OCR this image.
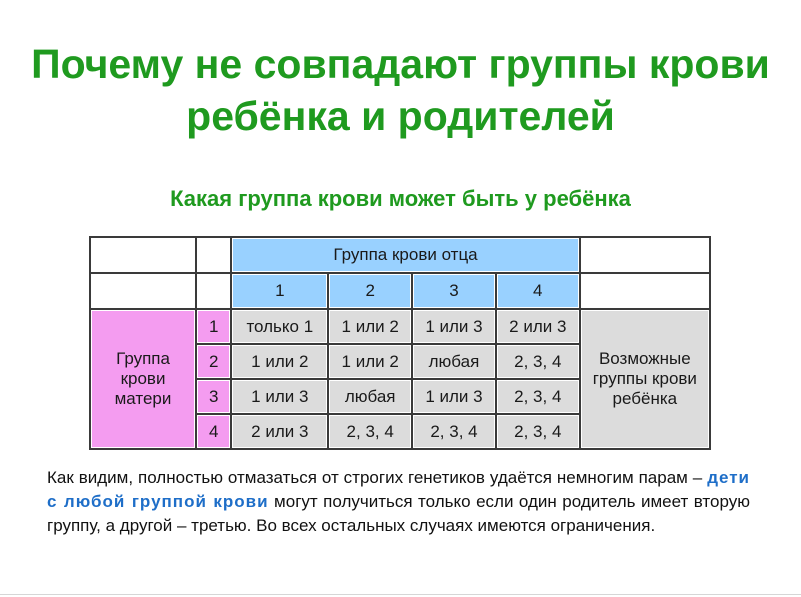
Почему не совпадают группы крови
ребёнка и родителей
Какая группа крови может быть у ребёнка
		Группа крови отца				
		1	2	3	4	
Группа крови матери	1	только 1	1 или 2	1 или 3	2 или 3	Возможные группы крови ребёнка
	2	1 или 2	1 или 2	любая	2, 3, 4	
	3	1 или 3	любая	1 или 3	2, 3, 4	
	4	2 или 3	2, 3, 4	2, 3, 4	2, 3, 4	
Как видим, полностью отмазаться от строгих генетиков удаётся немногим парам – дети с любой группой крови могут получиться только если один родитель имеет вторую группу, а другой – третью. Во всех остальных случаях имеются ограничения.
